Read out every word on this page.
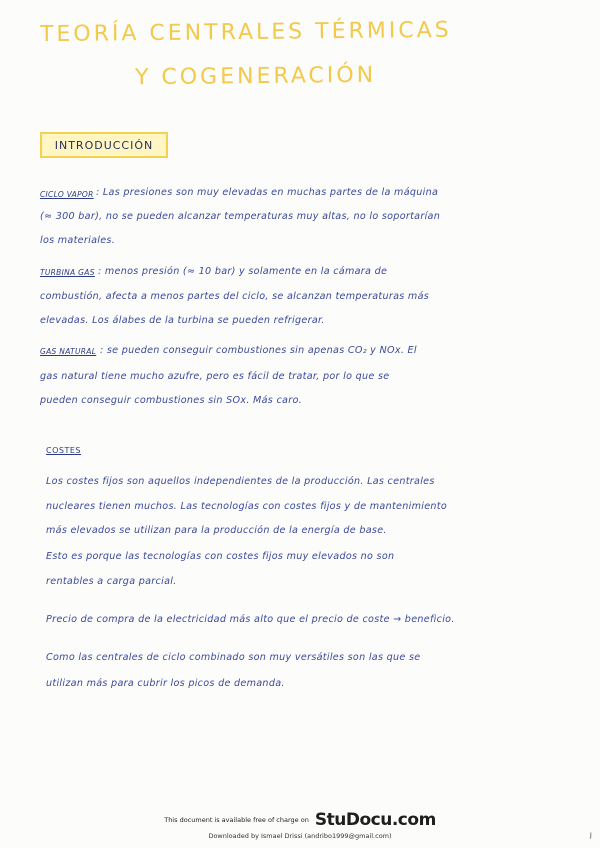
TEORÍA CENTRALES TÉRMICAS
Y COGENERACIÓN
INTRODUCCIÓN
CICLO VAPOR : Las presiones son muy elevadas en muchas partes de la máquina
(≈ 300 bar), no se pueden alcanzar temperaturas muy altas, no lo soportarían
los materiales.
TURBINA GAS : menos presión (≈ 10 bar) y solamente en la cámara de
combustión, afecta a menos partes del ciclo, se alcanzan temperaturas más
elevadas. Los álabes de la turbina se pueden refrigerar.
GAS NATURAL : se pueden conseguir combustiones sin apenas CO₂ y NOx. El
gas natural tiene mucho azufre, pero es fácil de tratar, por lo que se
pueden conseguir combustiones sin SOx. Más caro.
COSTES
Los costes fijos son aquellos independientes de la producción. Las centrales
nucleares tienen muchos. Las tecnologías con costes fijos y de mantenimiento
más elevados se utilizan para la producción de la energía de base.
Esto es porque las tecnologías con costes fijos muy elevados no son
rentables a carga parcial.
Precio de compra de la electricidad más alto que el precio de coste → beneficio.
Como las centrales de ciclo combinado son muy versátiles son las que se
utilizan más para cubrir los picos de demanda.
This document is available free of charge on StuDocu.com
Downloaded by Ismael Drissi (andribo1999@gmail.com)	J
